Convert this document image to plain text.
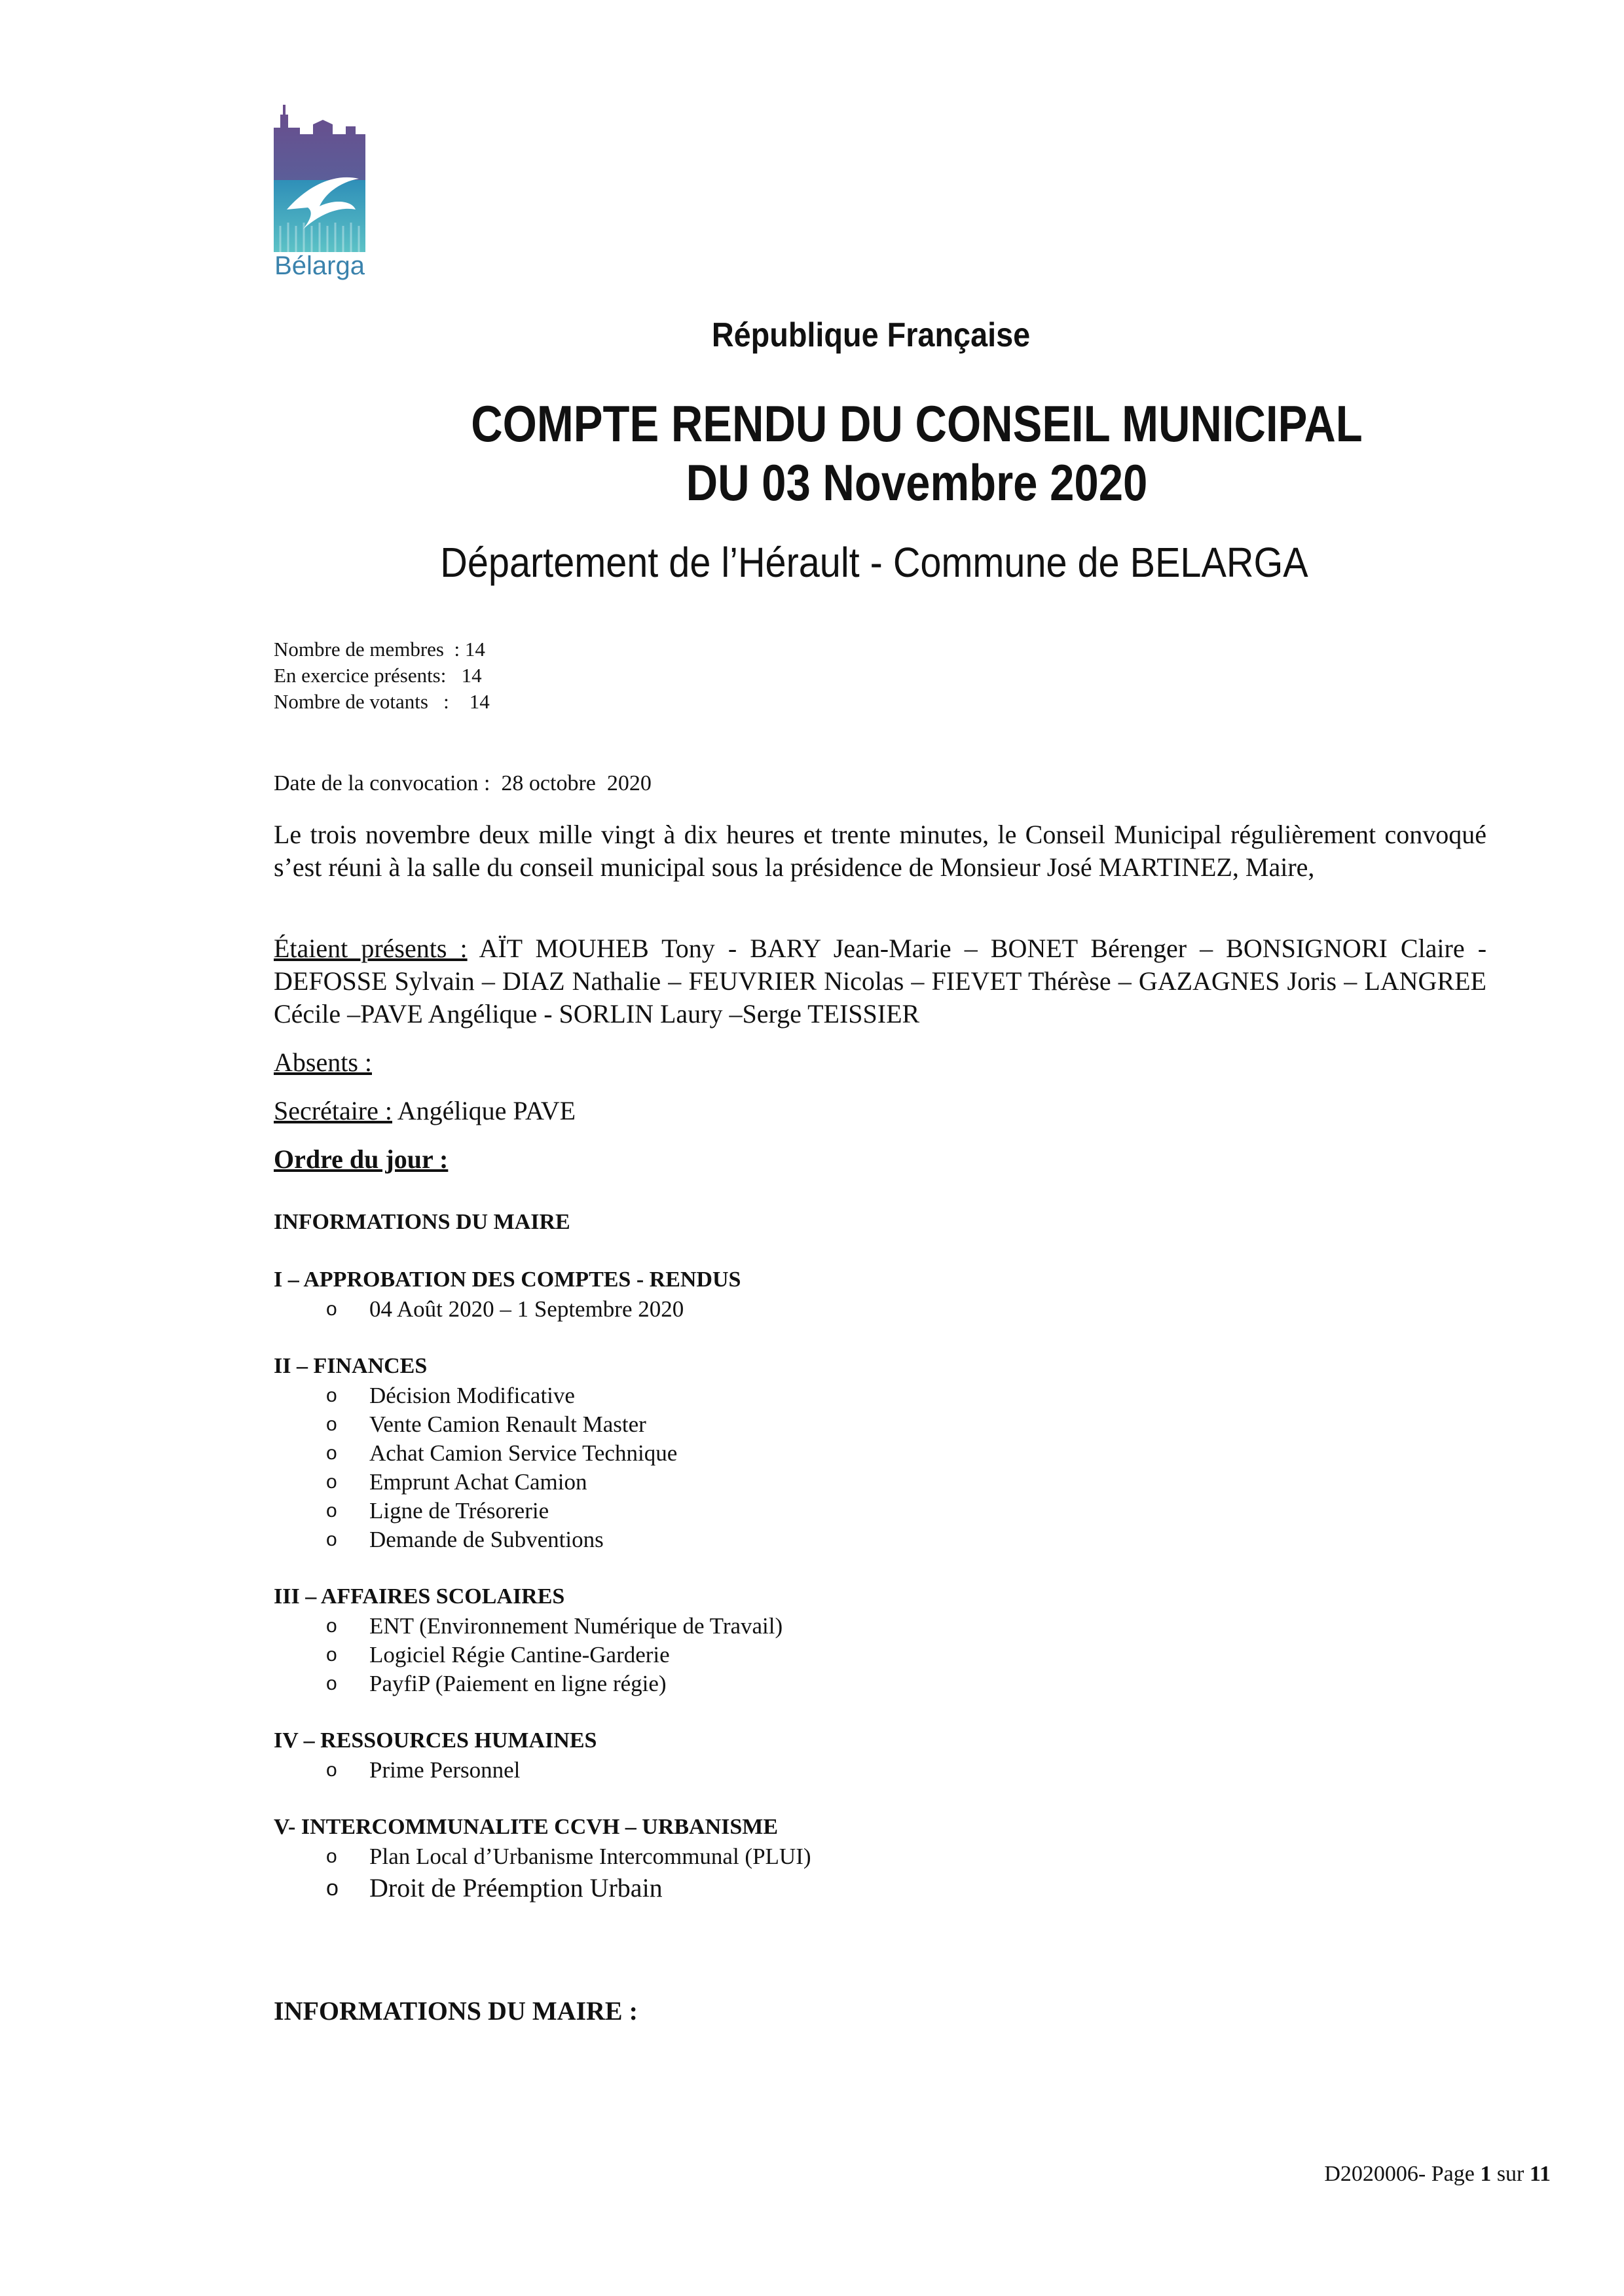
Bélarga
République Française
COMPTE RENDU DU CONSEIL MUNICIPAL
DU 03 Novembre 2020
Département de l’Hérault - Commune de BELARGA
Nombre de membres  : 14
En exercice présents:   14
Nombre de votants   :    14
Date de la convocation :  28 octobre  2020
Le trois novembre deux mille vingt à dix heures et trente minutes, le Conseil Municipal régulièrement convoqué s’est réuni à la salle du conseil municipal sous la présidence de Monsieur José MARTINEZ, Maire,
Étaient présents : AÏT MOUHEB Tony - BARY Jean-Marie – BONET Bérenger – BONSIGNORI Claire - DEFOSSE Sylvain – DIAZ Nathalie – FEUVRIER Nicolas – FIEVET Thérèse – GAZAGNES Joris – LANGREE Cécile –PAVE Angélique - SORLIN Laury –Serge TEISSIER
Absents :
Secrétaire : Angélique PAVE
Ordre du jour :
INFORMATIONS DU MAIRE
I – APPROBATION DES COMPTES - RENDUS
o 04 Août 2020 – 1 Septembre 2020
II – FINANCES
o Décision Modificative
o Vente Camion Renault Master
o Achat Camion Service Technique
o Emprunt Achat Camion
o Ligne de Trésorerie
o Demande de Subventions
III – AFFAIRES SCOLAIRES
o ENT (Environnement Numérique de Travail)
o Logiciel Régie Cantine-Garderie
o PayfiP (Paiement en ligne régie)
IV – RESSOURCES HUMAINES
o Prime Personnel
V- INTERCOMMUNALITE CCVH – URBANISME
o Plan Local d’Urbanisme Intercommunal (PLUI)
o Droit de Préemption Urbain
INFORMATIONS DU MAIRE :
D2020006- Page 1 sur 11
